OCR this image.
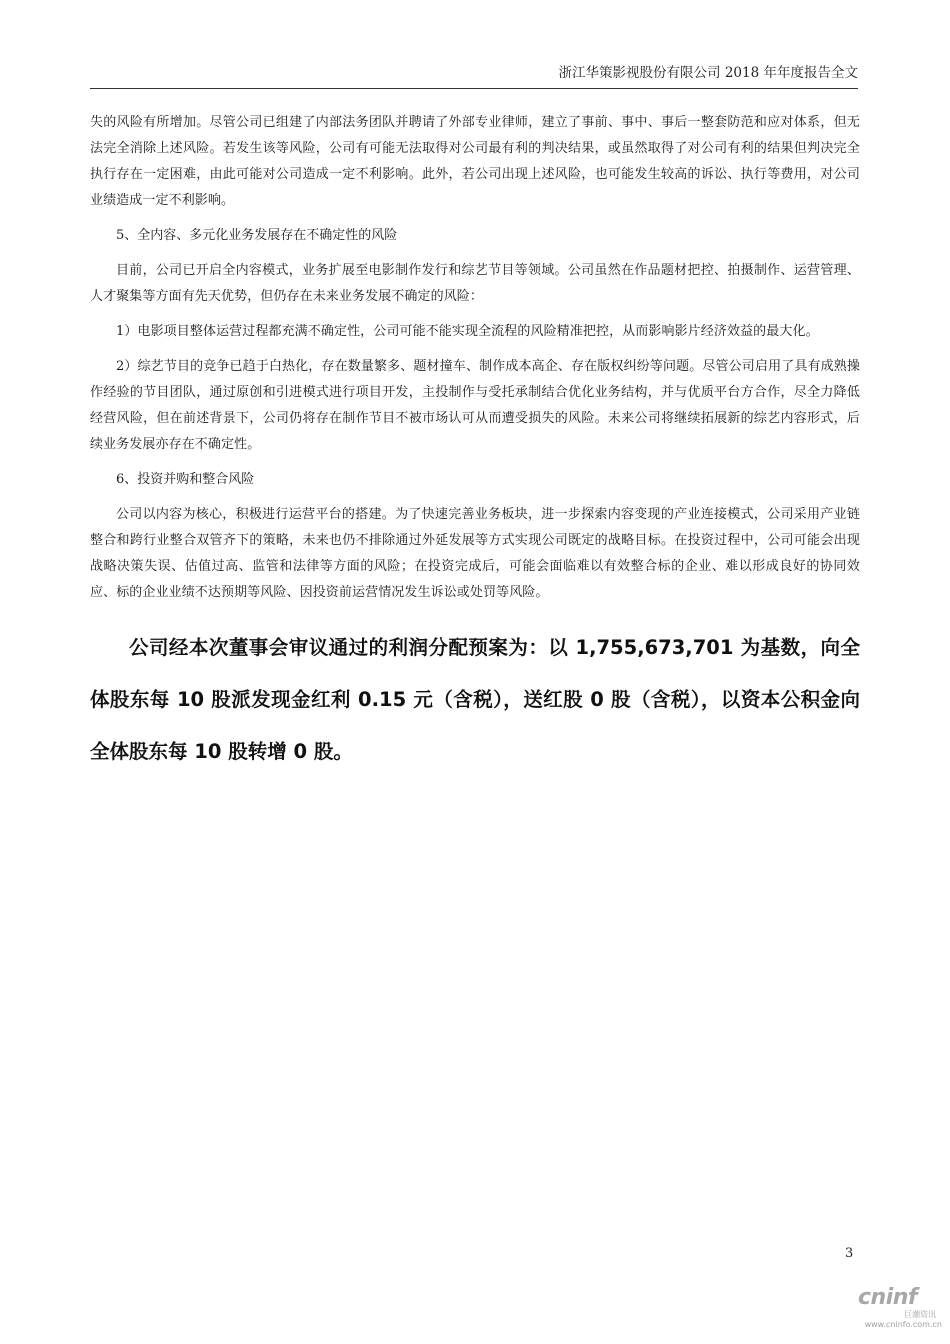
浙江华策影视股份有限公司 2018 年年度报告全文

失的风险有所增加。尽管公司已组建了内部法务团队并聘请了外部专业律师，建立了事前、事中、事后一整套防范和应对体系，但无法完全消除上述风险。若发生该等风险，公司有可能无法取得对公司最有利的判决结果，或虽然取得了对公司有利的结果但判决完全执行存在一定困难，由此可能对公司造成一定不利影响。此外，若公司出现上述风险，也可能发生较高的诉讼、执行等费用，对公司业绩造成一定不利影响。

5、全内容、多元化业务发展存在不确定性的风险

目前，公司已开启全内容模式，业务扩展至电影制作发行和综艺节目等领域。公司虽然在作品题材把控、拍摄制作、运营管理、人才聚集等方面有先天优势，但仍存在未来业务发展不确定的风险：

1）电影项目整体运营过程都充满不确定性，公司可能不能实现全流程的风险精准把控，从而影响影片经济效益的最大化。

2）综艺节目的竞争已趋于白热化，存在数量繁多、题材撞车、制作成本高企、存在版权纠纷等问题。尽管公司启用了具有成熟操作经验的节目团队，通过原创和引进模式进行项目开发，主投制作与受托承制结合优化业务结构，并与优质平台方合作，尽全力降低经营风险，但在前述背景下，公司仍将存在制作节目不被市场认可从而遭受损失的风险。未来公司将继续拓展新的综艺内容形式，后续业务发展亦存在不确定性。

6、投资并购和整合风险

公司以内容为核心，积极进行运营平台的搭建。为了快速完善业务板块，进一步探索内容变现的产业连接模式，公司采用产业链整合和跨行业整合双管齐下的策略，未来也仍不排除通过外延发展等方式实现公司既定的战略目标。在投资过程中，公司可能会出现战略决策失误、估值过高、监管和法律等方面的风险；在投资完成后，可能会面临难以有效整合标的企业、难以形成良好的协同效应、标的企业业绩不达预期等风险、因投资前运营情况发生诉讼或处罚等风险。

公司经本次董事会审议通过的利润分配预案为：以 1,755,673,701 为基数，向全体股东每 10 股派发现金红利 0.15 元（含税），送红股 0 股（含税），以资本公积金向全体股东每 10 股转增 0 股。
3
cninf
巨潮资讯
www.cninfo.com.cn
